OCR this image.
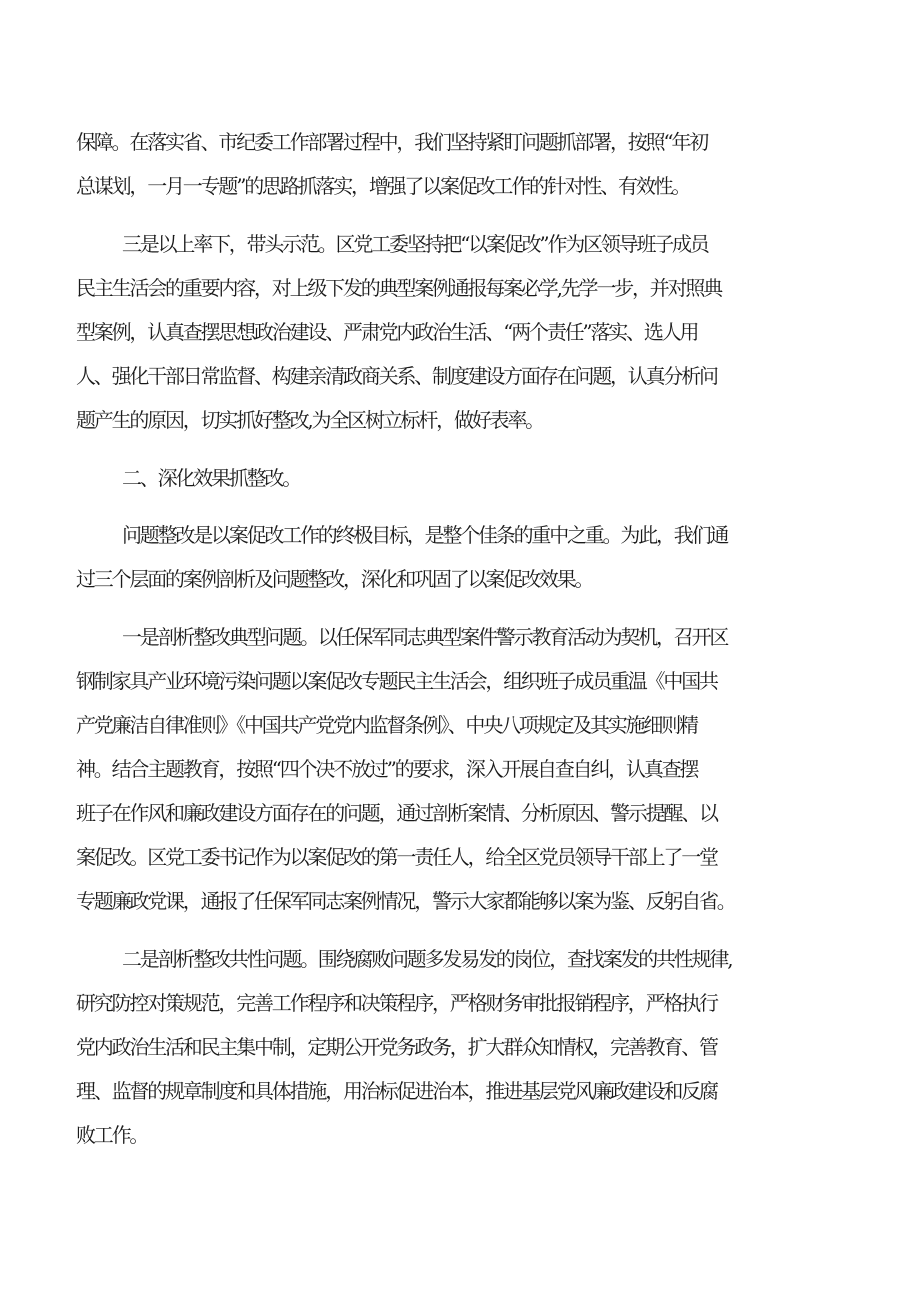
保障。在落实省、市纪委工作部署过程中，我们坚持紧盯问题抓部署，按照“年初
总谋划，一月一专题”的思路抓落实，增强了以案促改工作的针对性、有效性。
三是以上率下，带头示范。区党工委坚持把“以案促改”作为区领导班子成员
民主生活会的重要内容，对上级下发的典型案例通报每案必学,先学一步，并对照典
型案例，认真查摆思想政治建设、严肃党内政治生活、“两个责任”落实、选人用
人、强化干部日常监督、构建亲清政商关系、制度建设方面存在问题，认真分析问
题产生的原因，切实抓好整改,为全区树立标杆，做好表率。
二、深化效果抓整改。
问题整改是以案促改工作的终极目标，是整个佳条的重中之重。为此，我们通
过三个层面的案例剖析及问题整改，深化和巩固了以案促改效果。
一是剖析整改典型问题。以任保军同志典型案件警示教育活动为契机，召开区
钢制家具产业环境污染问题以案促改专题民主生活会，组织班子成员重温《中国共
产党廉洁自律准则》《中国共产党党内监督条例》、中央八项规定及其实施细则精
神。结合主题教育，按照“四个决不放过”的要求，深入开展自查自纠，认真查摆
班子在作风和廉政建设方面存在的问题，通过剖析案情、分析原因、警示提醒、以
案促改。区党工委书记作为以案促改的第一责任人，给全区党员领导干部上了一堂
专题廉政党课，通报了任保军同志案例情况，警示大家都能够以案为鉴、反躬自省。
二是剖析整改共性问题。围绕腐败问题多发易发的岗位，查找案发的共性规律,
研究防控对策规范，完善工作程序和决策程序，严格财务审批报销程序，严格执行
党内政治生活和民主集中制，定期公开党务政务，扩大群众知情权，完善教育、管
理、监督的规章制度和具体措施，用治标促进治本，推进基层党风廉政建设和反腐
败工作。
